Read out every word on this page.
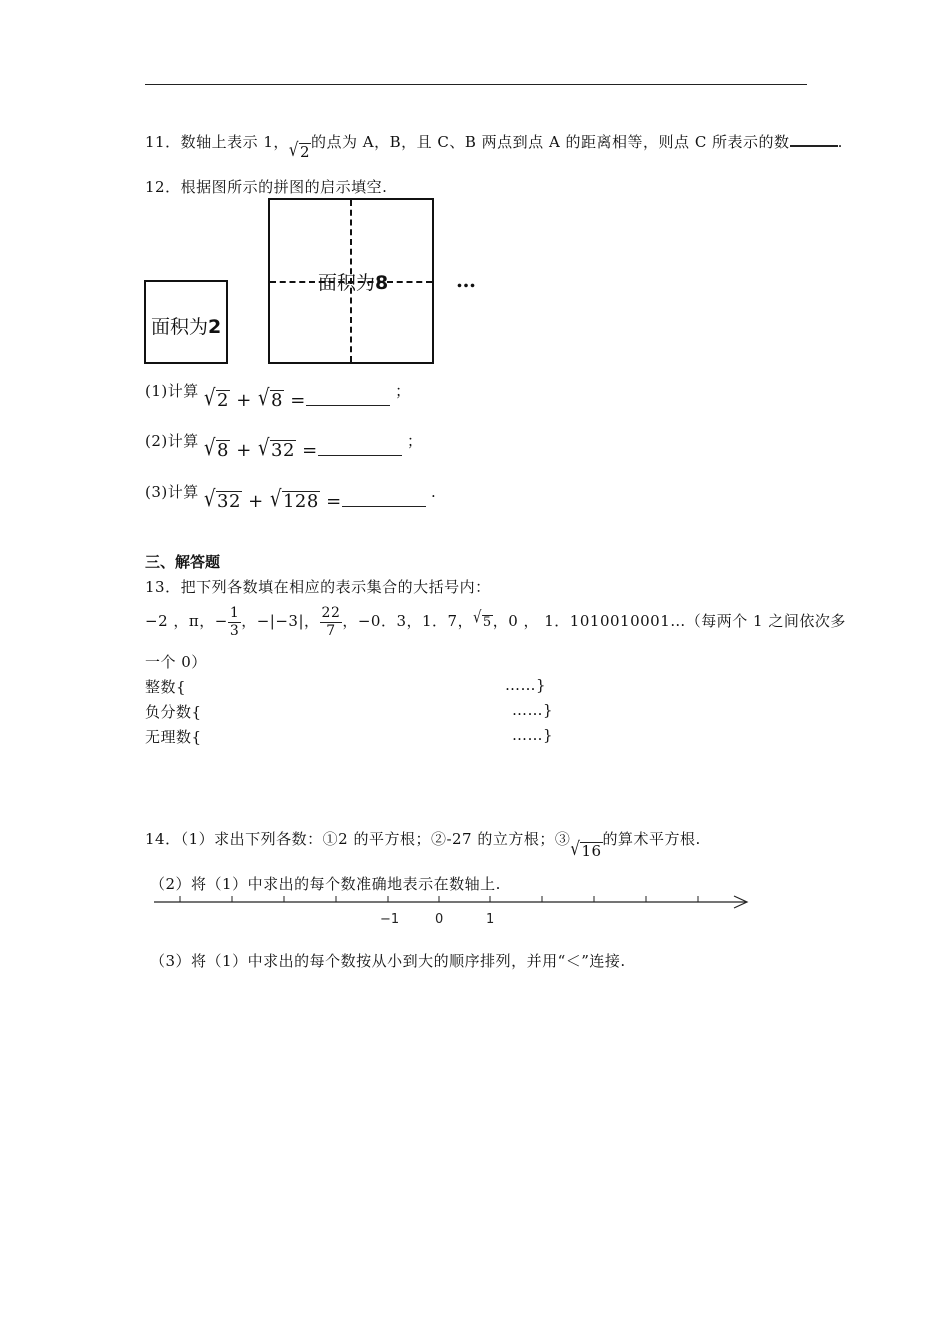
11．数轴上表示 1，√2的点为 A，B，且 C、B 两点到点 A 的距离相等，则点 C 所表示的数	.
12．根据图所示的拼图的启示填空.
面积为2
面积为8	…
(1)计算 √2 + √8 =	；
(2)计算 √8 + √32 =	；
(3)计算 √32 + √128 =	.
三、解答题
13．把下列各数填在相应的表示集合的大括号内：
−2 ，π，− $\frac{1}{3}$ ，−|−3|， $\frac{22}{7}$ ，−0．3，1．7，√5，0 ， 1．1010010001…（每两个 1 之间依次多
一个 0）
整数{	……}
负分数{	……}
无理数{	……}
14．（1）求出下列各数：①2 的平方根；②-27 的立方根；③√16的算术平方根.
（2）将（1）中求出的每个数准确地表示在数轴上.
−1	0	1
（3）将（1）中求出的每个数按从小到大的顺序排列，并用“＜”连接.
